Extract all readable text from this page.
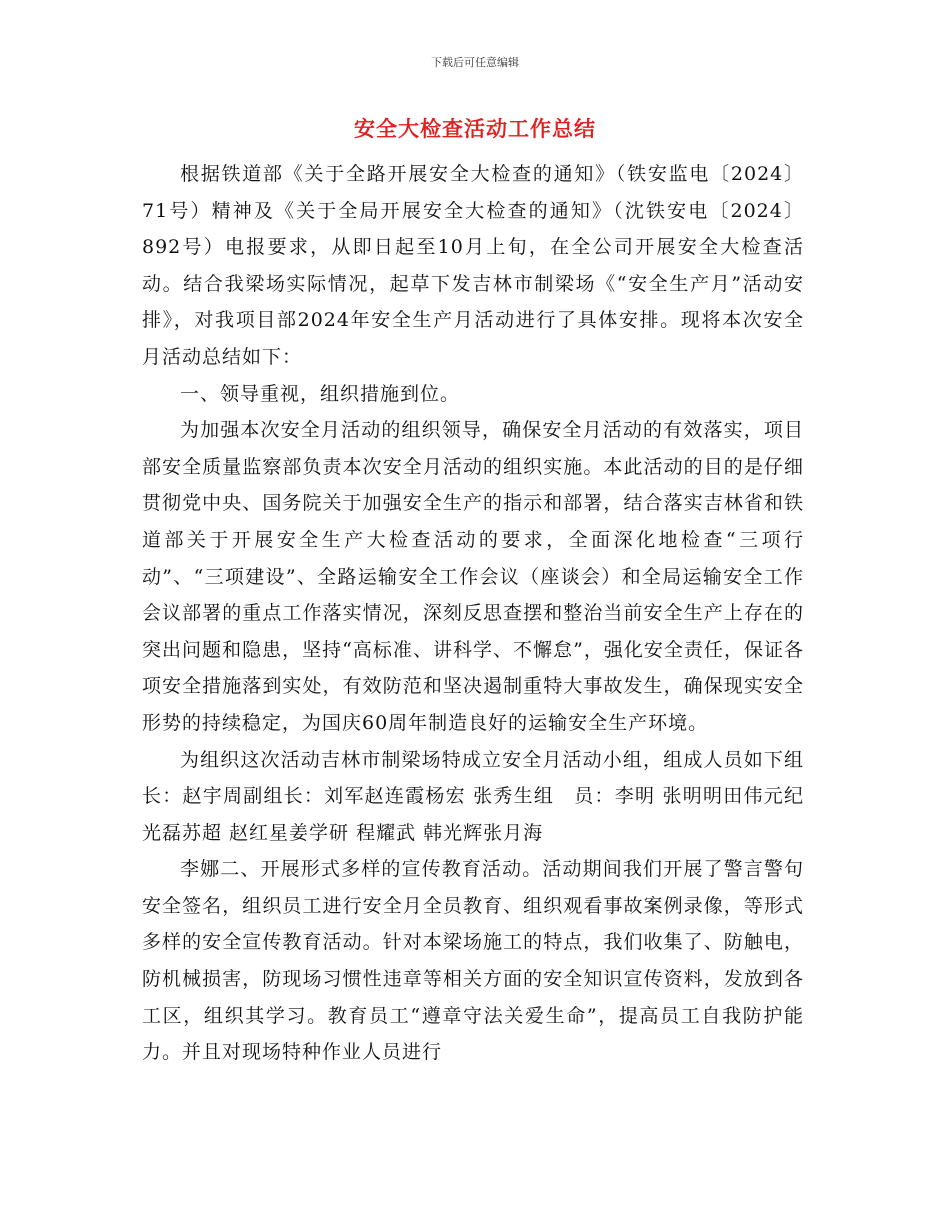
下载后可任意编辑
安全大检查活动工作总结

根据铁道部《关于全路开展安全大检查的通知》（铁安监电〔2024〕71号）精神及《关于全局开展安全大检查的通知》（沈铁安电〔2024〕892号）电报要求，从即日起至10月上旬，在全公司开展安全大检查活动。结合我梁场实际情况，起草下发吉林市制梁场《“安全生产月”活动安排》，对我项目部2024年安全生产月活动进行了具体安排。现将本次安全月活动总结如下：

一、领导重视，组织措施到位。

为加强本次安全月活动的组织领导，确保安全月活动的有效落实，项目部安全质量监察部负责本次安全月活动的组织实施。本此活动的目的是仔细贯彻党中央、国务院关于加强安全生产的指示和部署，结合落实吉林省和铁道部关于开展安全生产大检查活动的要求，全面深化地检查“三项行动”、“三项建设”、全路运输安全工作会议（座谈会）和全局运输安全工作会议部署的重点工作落实情况，深刻反思查摆和整治当前安全生产上存在的突出问题和隐患，坚持“高标准、讲科学、不懈怠”，强化安全责任，保证各项安全措施落到实处，有效防范和坚决遏制重特大事故发生，确保现实安全形势的持续稳定，为国庆60周年制造良好的运输安全生产环境。

为组织这次活动吉林市制梁场特成立安全月活动小组，组成人员如下组 长：赵宇周副组长：刘军赵连霞杨宏 张秀生组　员：李明 张明明田伟元纪光磊苏超 赵红星姜学研 程耀武 韩光辉张月海

李娜二、开展形式多样的宣传教育活动。活动期间我们开展了警言警句安全签名，组织员工进行安全月全员教育、组织观看事故案例录像，等形式多样的安全宣传教育活动。针对本梁场施工的特点，我们收集了、防触电，防机械损害，防现场习惯性违章等相关方面的安全知识宣传资料，发放到各工区，组织其学习。教育员工“遵章守法关爱生命”，提高员工自我防护能力。并且对现场特种作业人员进行
